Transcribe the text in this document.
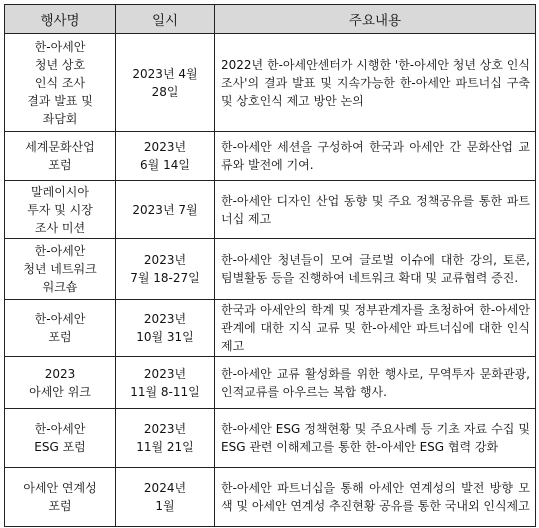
행사명	일시	주요내용

한-아세안
청년 상호
인식 조사
결과 발표 및
좌담회	2023년 4월
28일	2022년 한-아세안센터가 시행한 '한-아세안 청년 상호 인식 조사'의 결과 발표 및 지속가능한 한-아세안 파트너십 구축 및 상호인식 제고 방안 논의

세계문화산업
포럼	2023년
6월 14일	한-아세안 세션을 구성하여 한국과 아세안 간 문화산업 교류와 발전에 기여.

말레이시아
투자 및 시장
조사 미션	2023년 7월	한-아세안 디자인 산업 동향 및 주요 정책공유를 통한 파트너십 제고

한-아세안
청년 네트워크
워크숍	2023년
7월 18-27일	한-아세안 청년들이 모여 글로벌 이슈에 대한 강의, 토론, 팀별활동 등을 진행하여 네트워크 확대 및 교류협력 증진.

한-아세안
포럼	2023년
10월 31일	한국과 아세안의 학계 및 정부관계자를 초청하여 한-아세안 관계에 대한 지식 교류 및 한-아세안 파트너십에 대한 인식 제고

2023
아세안 위크	2023년
11월 8-11일	한-아세안 교류 활성화를 위한 행사로, 무역투자 문화관광, 인적교류를 아우르는 복합 행사.

한-아세안
ESG 포럼	2023년
11월 21일	한-아세안 ESG 정책현황 및 주요사례 등 기초 자료 수집 및 ESG 관련 이해제고를 통한 한-아세안 ESG 협력 강화

아세안 연계성
포럼	2024년
1월	한-아세안 파트너십을 통해 아세안 연계성의 발전 방향 모색 및 아세안 연계성 추진현황 공유를 통한 국내외 인식제고
